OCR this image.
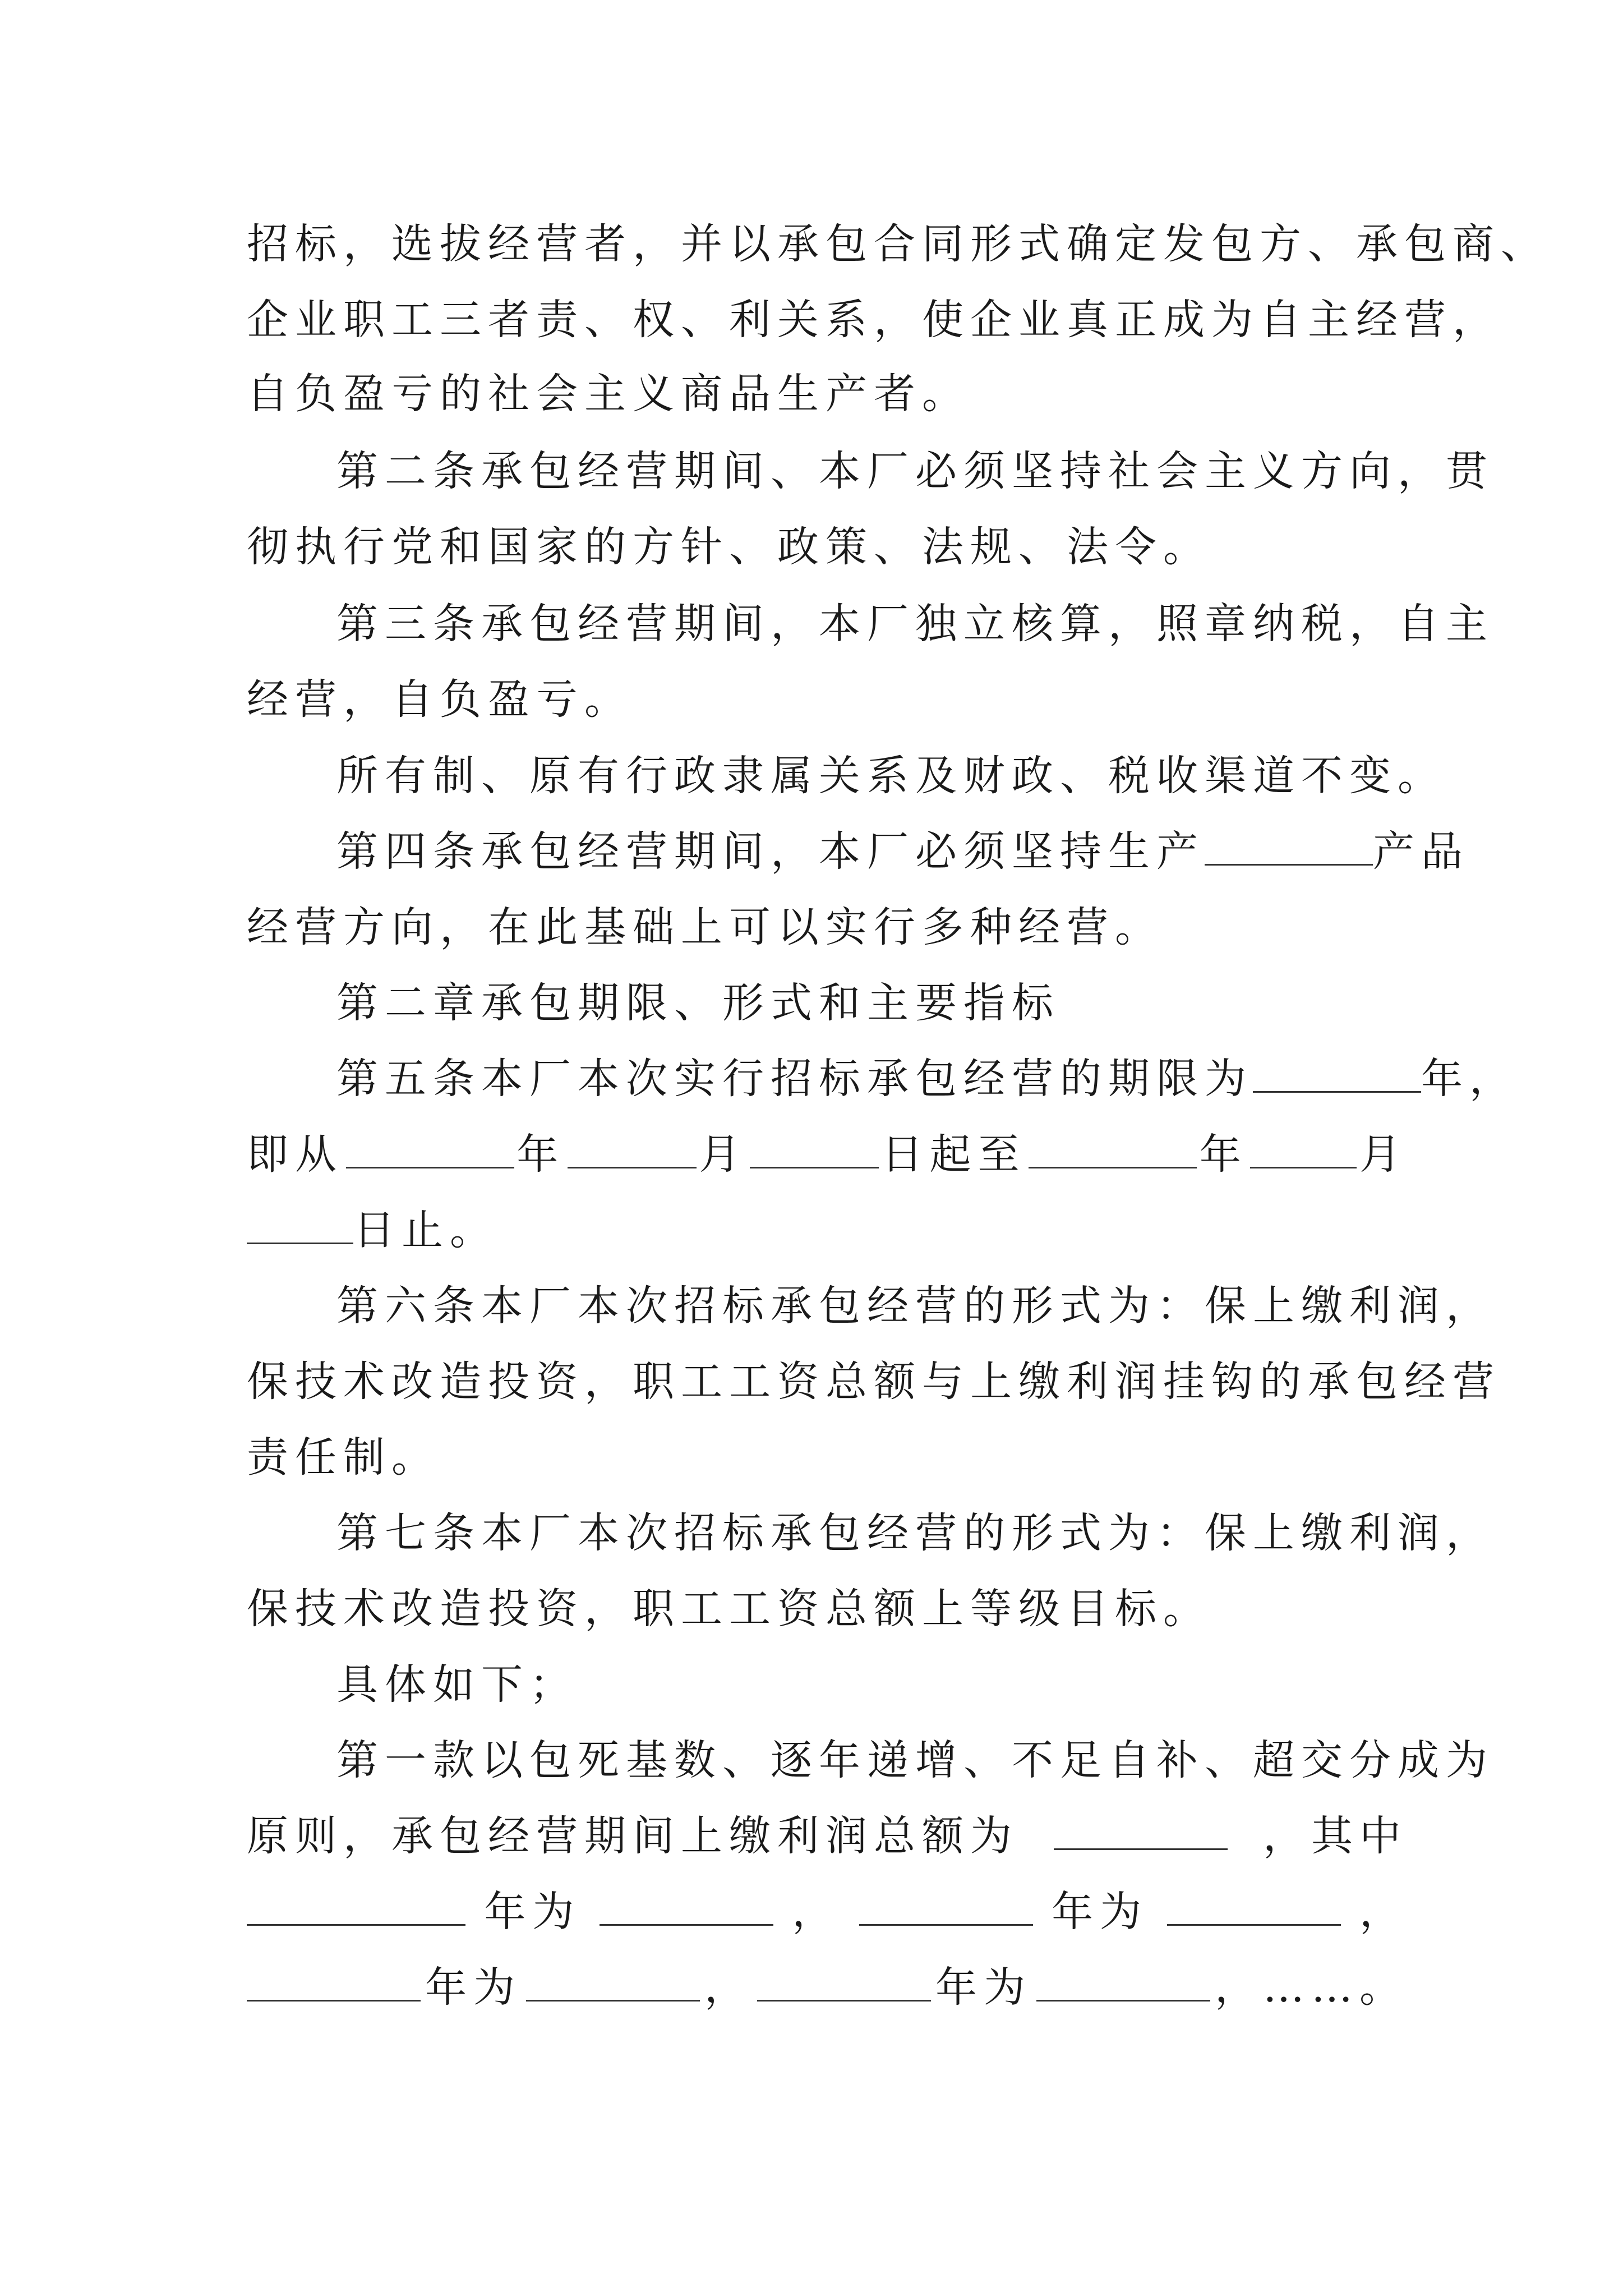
招标，选拔经营者，并以承包合同形式确定发包方、承包商、
企业职工三者责、权、利关系，使企业真正成为自主经营，
自负盈亏的社会主义商品生产者。
第二条承包经营期间、本厂必须坚持社会主义方向，贯
彻执行党和国家的方针、政策、法规、法令。
第三条承包经营期间，本厂独立核算，照章纳税，自主
经营，自负盈亏。
所有制、原有行政隶属关系及财政、税收渠道不变。
第四条承包经营期间，本厂必须坚持生产	产品
经营方向，在此基础上可以实行多种经营。
第二章承包期限、形式和主要指标
第五条本厂本次实行招标承包经营的期限为	年，
即从	年	月	日起至	年	月
日止。
第六条本厂本次招标承包经营的形式为：保上缴利润，
保技术改造投资，职工工资总额与上缴利润挂钩的承包经营
责任制。
第七条本厂本次招标承包经营的形式为：保上缴利润，
保技术改造投资，职工工资总额上等级目标。
具体如下；
第一款以包死基数、逐年递增、不足自补、超交分成为
原则，承包经营期间上缴利润总额为	，其中
年为	，	年为	，
年为	，	年为	，……。
